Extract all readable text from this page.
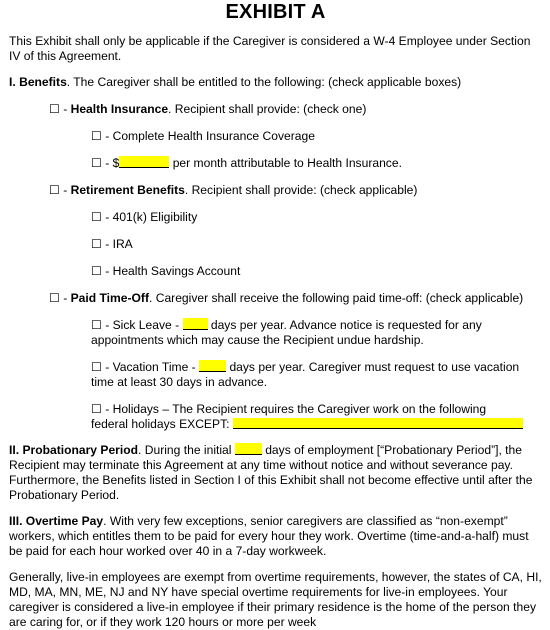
EXHIBIT A

This Exhibit shall only be applicable if the Caregiver is considered a W-4 Employee under Section IV of this Agreement.

I. Benefits. The Caregiver shall be entitled to the following: (check applicable boxes)

☐ - Health Insurance. Recipient shall provide: (check one)

☐ - Complete Health Insurance Coverage

☐ - $	per month attributable to Health Insurance.

☐ - Retirement Benefits. Recipient shall provide: (check applicable)

☐ - 401(k) Eligibility

☐ - IRA

☐ - Health Savings Account

☐ - Paid Time-Off. Caregiver shall receive the following paid time-off: (check applicable)

☐ - Sick Leave -  days per year. Advance notice is requested for any
appointments which may cause the Recipient undue hardship.

☐ - Vacation Time -  days per year. Caregiver must request to use vacation
time at least 30 days in advance.

☐ - Holidays – The Recipient requires the Caregiver work on the following
federal holidays EXCEPT:

II. Probationary Period. During the initial  days of employment [“Probationary Period”], the Recipient may terminate this Agreement at any time without notice and without severance pay. Furthermore, the Benefits listed in Section I of this Exhibit shall not become effective until after the Probationary Period.

III. Overtime Pay. With very few exceptions, senior caregivers are classified as “non-exempt” workers, which entitles them to be paid for every hour they work. Overtime (time-and-a-half) must be paid for each hour worked over 40 in a 7-day workweek.

Generally, live-in employees are exempt from overtime requirements, however, the states of CA, HI, MD, MA, MN, ME, NJ and NY have special overtime requirements for live-in employees. Your caregiver is considered a live-in employee if their primary residence is the home of the person they are caring for, or if they work 120 hours or more per week
